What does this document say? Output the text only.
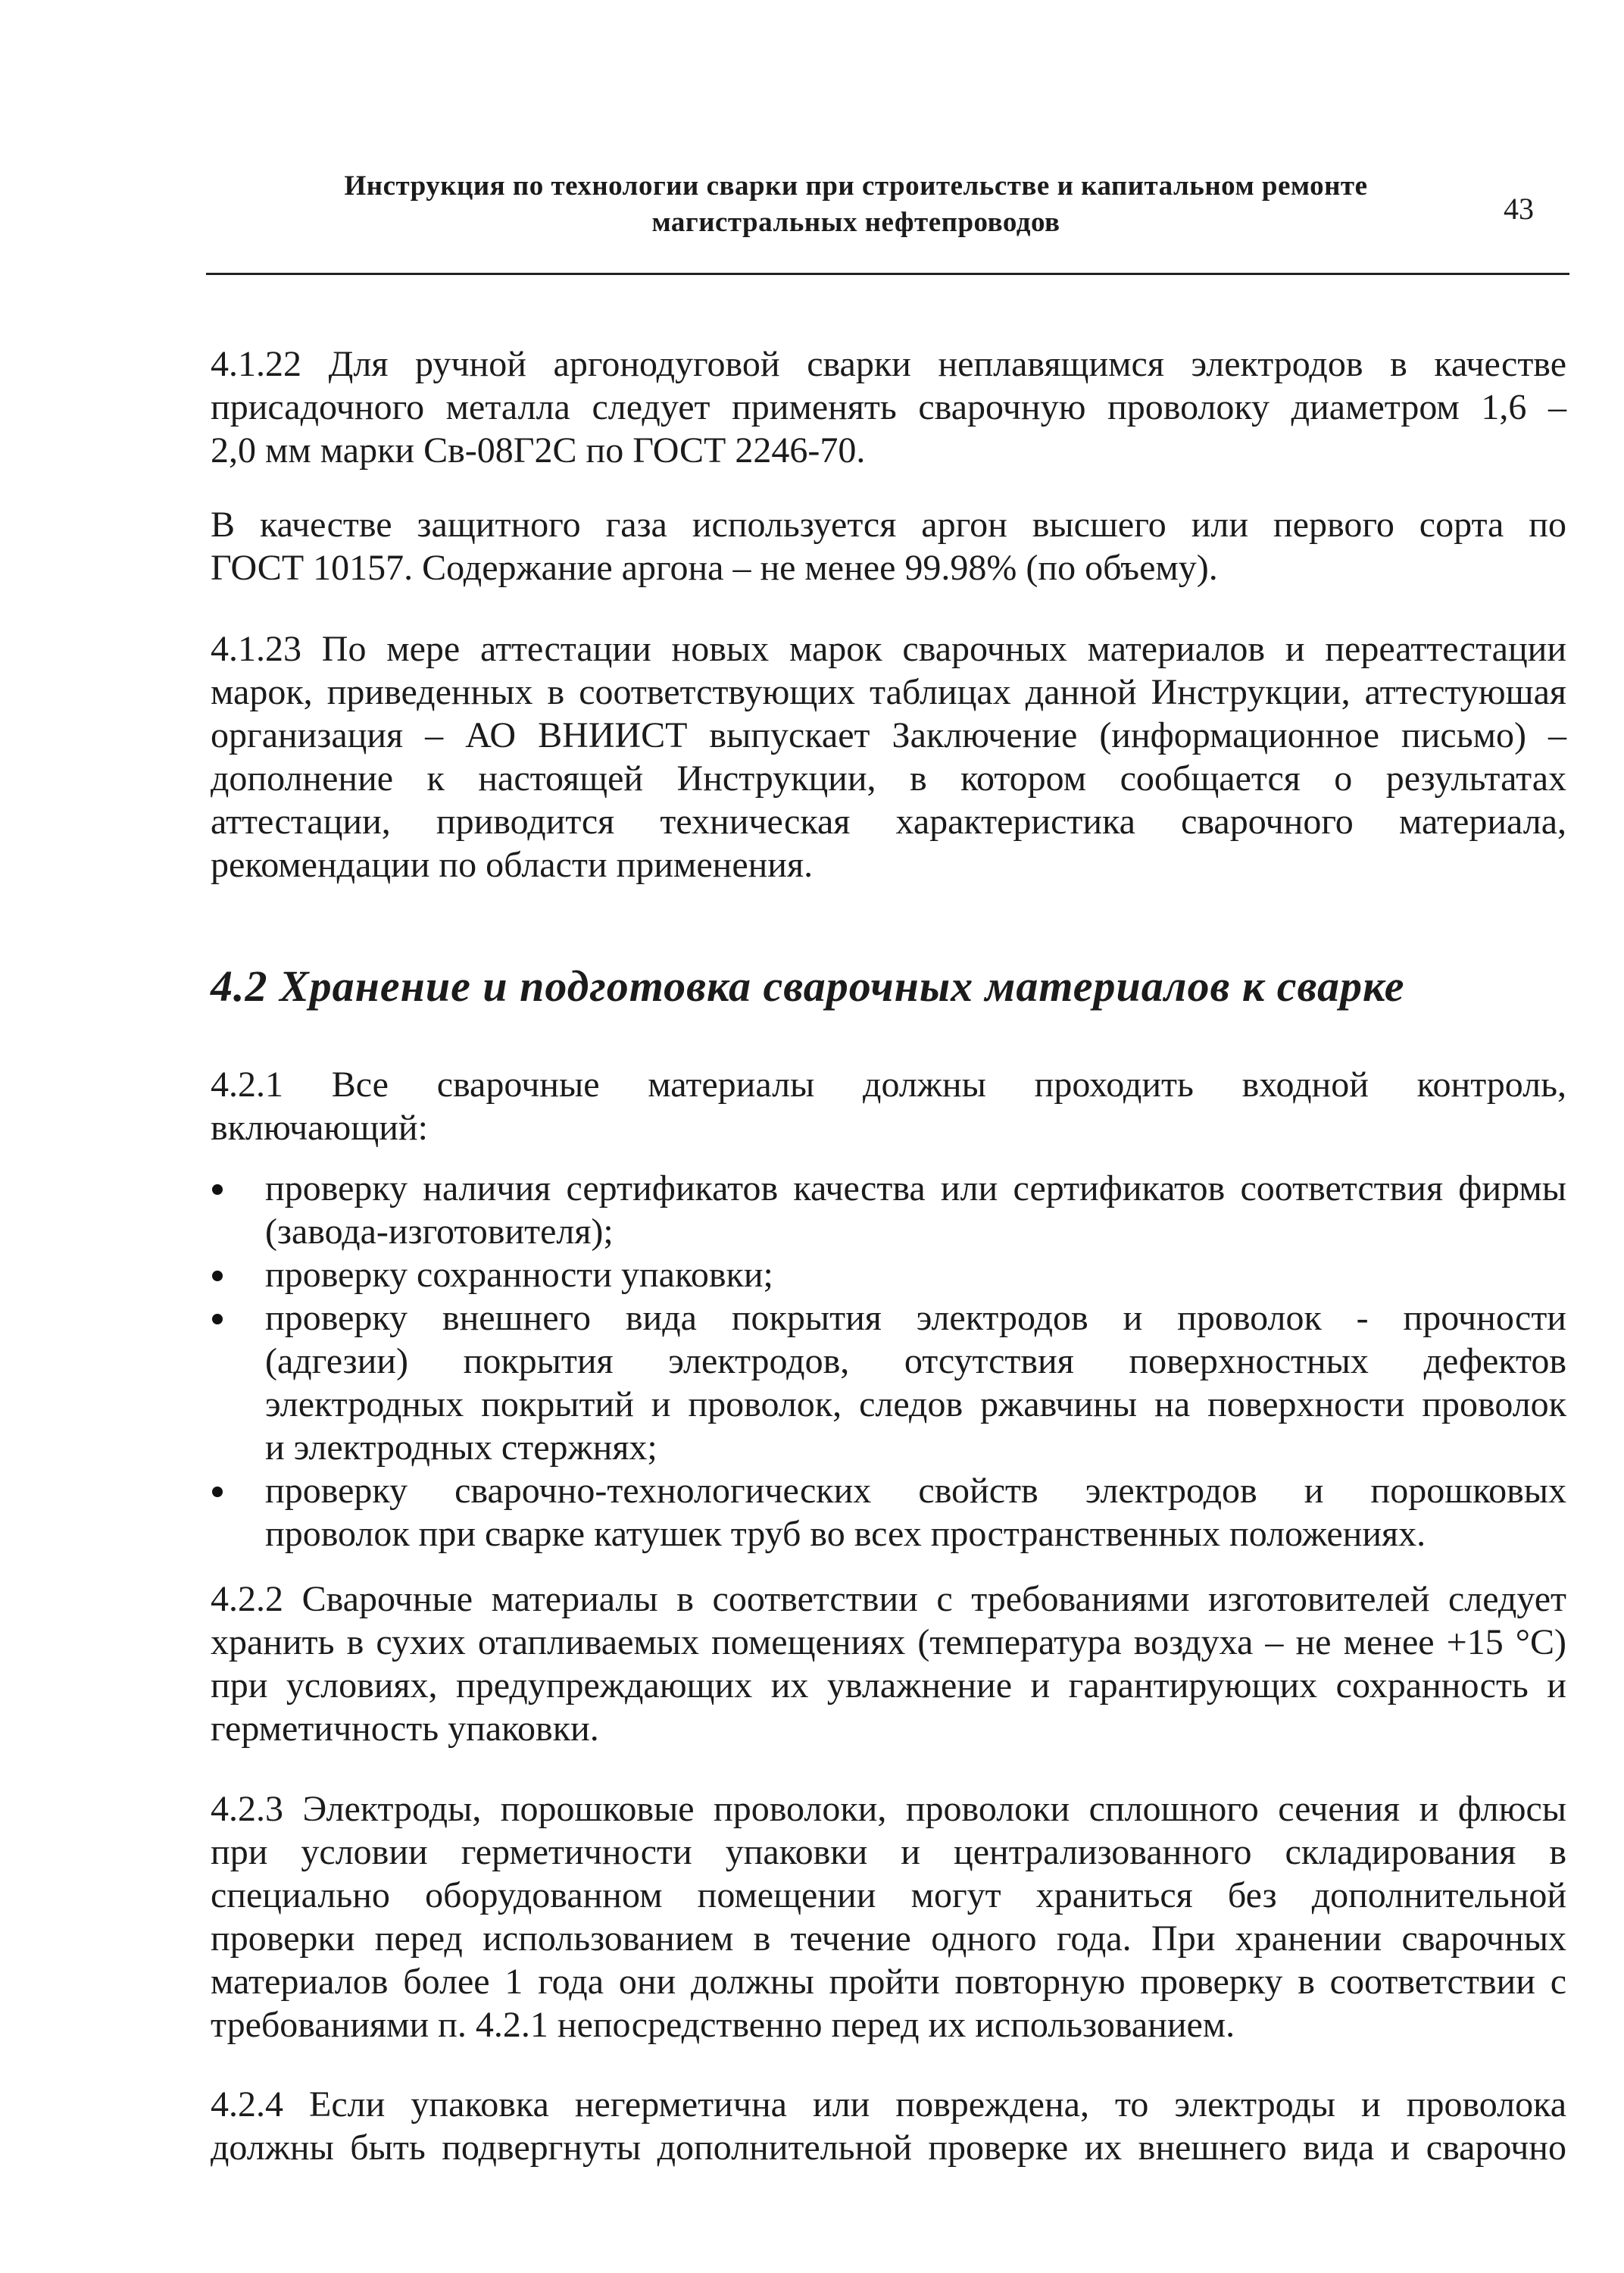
Инструкция по технологии сварки при строительстве и капитальном ремонте
магистральных нефтепроводов	43
4.1.22 Для ручной аргонодуговой сварки неплавящимся электродов в качестве
присадочного металла следует применять сварочную проволоку диаметром 1,6 –
2,0 мм марки Св-08Г2С по ГОСТ 2246-70.
В качестве защитного газа используется аргон высшего или первого сорта по
ГОСТ 10157. Содержание аргона – не менее 99.98% (по объему).
4.1.23 По мере аттестации новых марок сварочных материалов и переаттестации
марок, приведенных в соответствующих таблицах данной Инструкции, аттестуюшая
организация – АО ВНИИСТ выпускает Заключение (информационное письмо) –
дополнение к настоящей Инструкции, в котором сообщается о результатах
аттестации, приводится техническая характеристика сварочного материала,
рекомендации по области применения.
4.2 Хранение и подготовка сварочных материалов к сварке
4.2.1 Все сварочные материалы должны проходить входной контроль,
включающий:
проверку наличия сертификатов качества или сертификатов соответствия фирмы
(завода-изготовителя);
проверку сохранности упаковки;
проверку внешнего вида покрытия электродов и проволок - прочности
(адгезии) покрытия электродов, отсутствия поверхностных дефектов
электродных покрытий и проволок, следов ржавчины на поверхности проволок
и электродных стержнях;
проверку сварочно-технологических свойств электродов и порошковых
проволок при сварке катушек труб во всех пространственных положениях.
4.2.2 Сварочные материалы в соответствии с требованиями изготовителей следует
хранить в сухих отапливаемых помещениях (температура воздуха – не менее +15 °С)
при условиях, предупреждающих их увлажнение и гарантирующих сохранность и
герметичность упаковки.
4.2.3 Электроды, порошковые проволоки, проволоки сплошного сечения и флюсы
при условии герметичности упаковки и централизованного складирования в
специально оборудованном помещении могут храниться без дополнительной
проверки перед использованием в течение одного года. При хранении сварочных
материалов более 1 года они должны пройти повторную проверку в соответствии с
требованиями п. 4.2.1 непосредственно перед их использованием.
4.2.4 Если упаковка негерметична или повреждена, то электроды и проволока
должны быть подвергнуты дополнительной проверке их внешнего вида и сварочно
